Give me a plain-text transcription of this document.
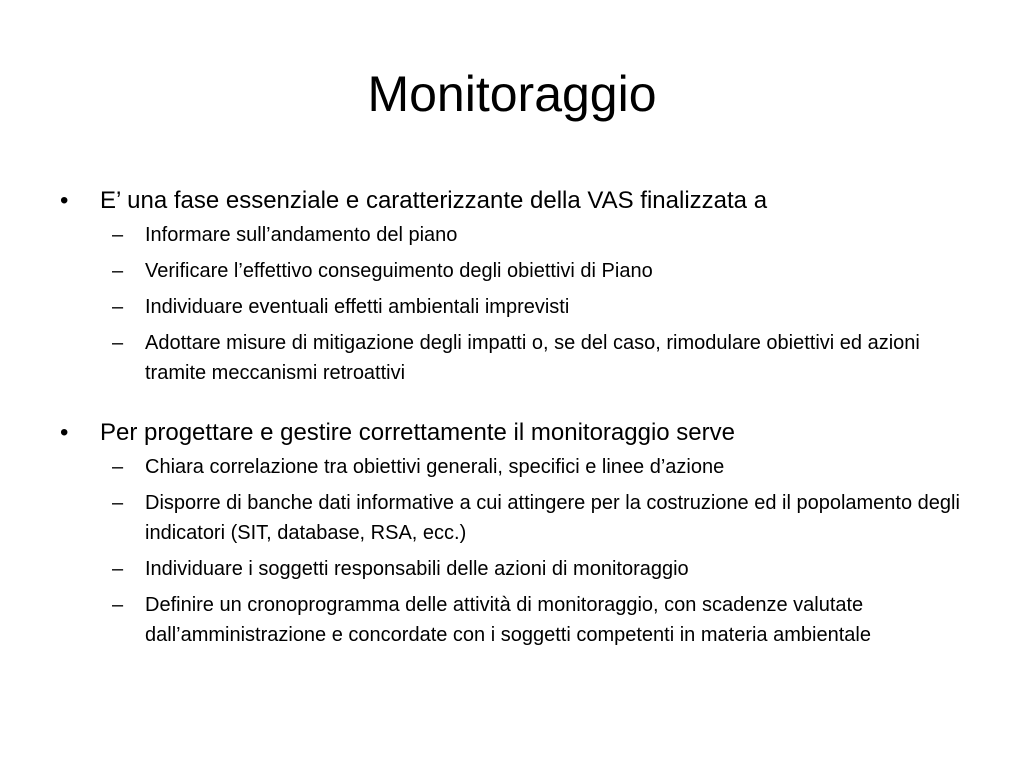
Monitoraggio
• E’ una fase essenziale e caratterizzante della VAS finalizzata a
– Informare sull’andamento del piano
– Verificare l’effettivo conseguimento degli obiettivi di Piano
– Individuare eventuali effetti ambientali imprevisti
– Adottare misure di mitigazione degli impatti o, se del caso, rimodulare obiettivi ed azioni tramite meccanismi retroattivi
• Per progettare e gestire correttamente il monitoraggio serve
– Chiara correlazione tra obiettivi generali, specifici e linee d’azione
– Disporre di banche dati informative a cui attingere per la costruzione ed il popolamento degli indicatori (SIT, database, RSA, ecc.)
– Individuare i soggetti responsabili delle azioni di monitoraggio
– Definire un cronoprogramma delle attività di monitoraggio, con scadenze valutate dall’amministrazione e concordate con i soggetti competenti in materia ambientale
